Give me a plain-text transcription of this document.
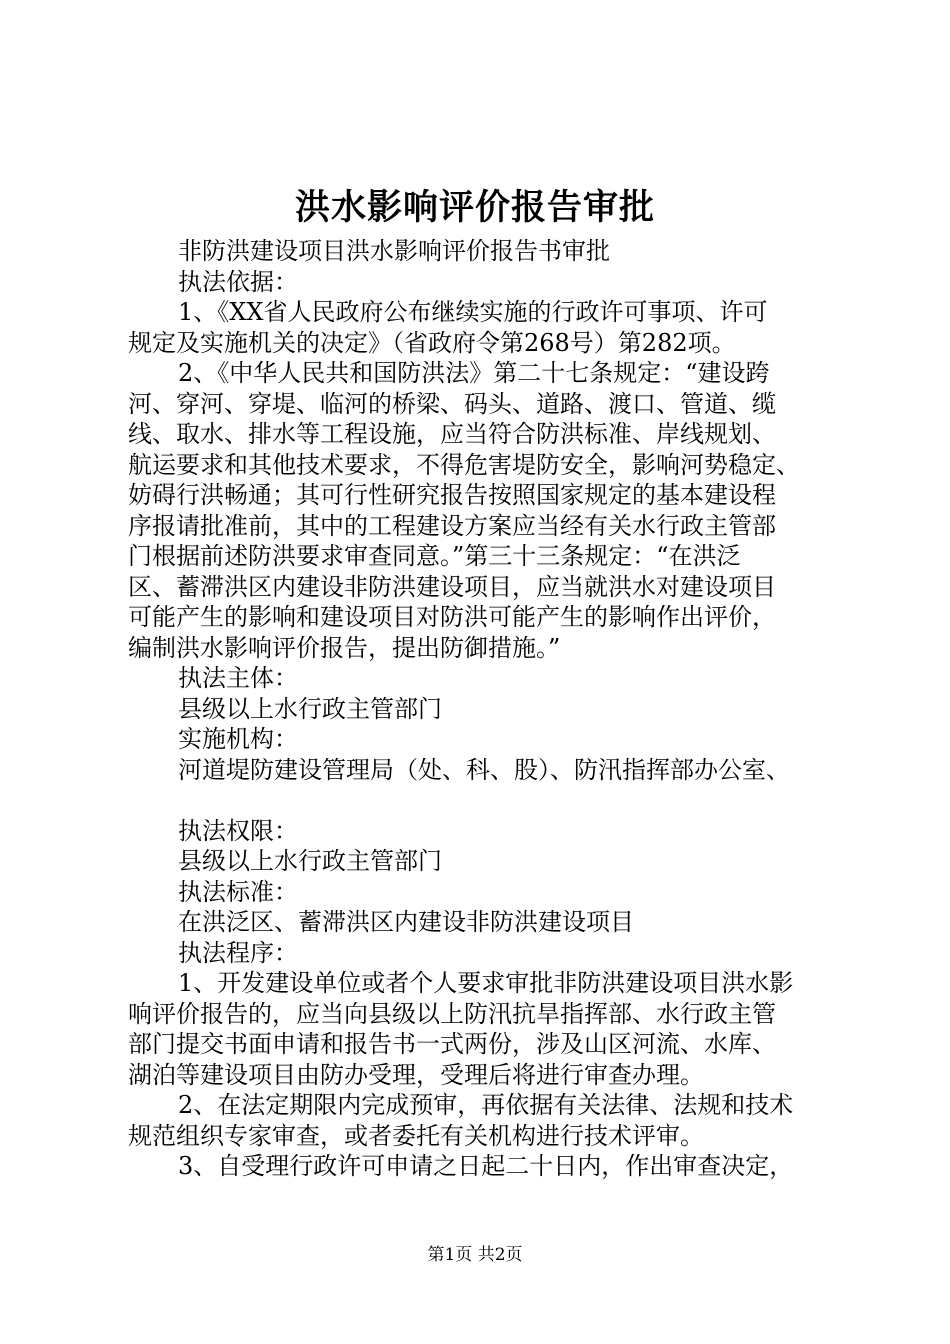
洪水影响评价报告审批
非防洪建设项目洪水影响评价报告书审批
执法依据：
1、《XX省人民政府公布继续实施的行政许可事项、许可
规定及实施机关的决定》（省政府令第268号）第282项。
2、《中华人民共和国防洪法》第二十七条规定：“建设跨
河、穿河、穿堤、临河的桥梁、码头、道路、渡口、管道、缆
线、取水、排水等工程设施，应当符合防洪标准、岸线规划、
航运要求和其他技术要求，不得危害堤防安全，影响河势稳定、
妨碍行洪畅通；其可行性研究报告按照国家规定的基本建设程
序报请批准前，其中的工程建设方案应当经有关水行政主管部
门根据前述防洪要求审查同意。”第三十三条规定：“在洪泛
区、蓄滞洪区内建设非防洪建设项目，应当就洪水对建设项目
可能产生的影响和建设项目对防洪可能产生的影响作出评价，
编制洪水影响评价报告，提出防御措施。”
执法主体：
县级以上水行政主管部门
实施机构：
河道堤防建设管理局（处、科、股）、防汛指挥部办公室、
执法权限：
县级以上水行政主管部门
执法标准：
在洪泛区、蓄滞洪区内建设非防洪建设项目
执法程序：
1、开发建设单位或者个人要求审批非防洪建设项目洪水影
响评价报告的，应当向县级以上防汛抗旱指挥部、水行政主管
部门提交书面申请和报告书一式两份，涉及山区河流、水库、
湖泊等建设项目由防办受理，受理后将进行审查办理。
2、在法定期限内完成预审，再依据有关法律、法规和技术
规范组织专家审查，或者委托有关机构进行技术评审。
3、自受理行政许可申请之日起二十日内，作出审查决定，
第1页 共2页
